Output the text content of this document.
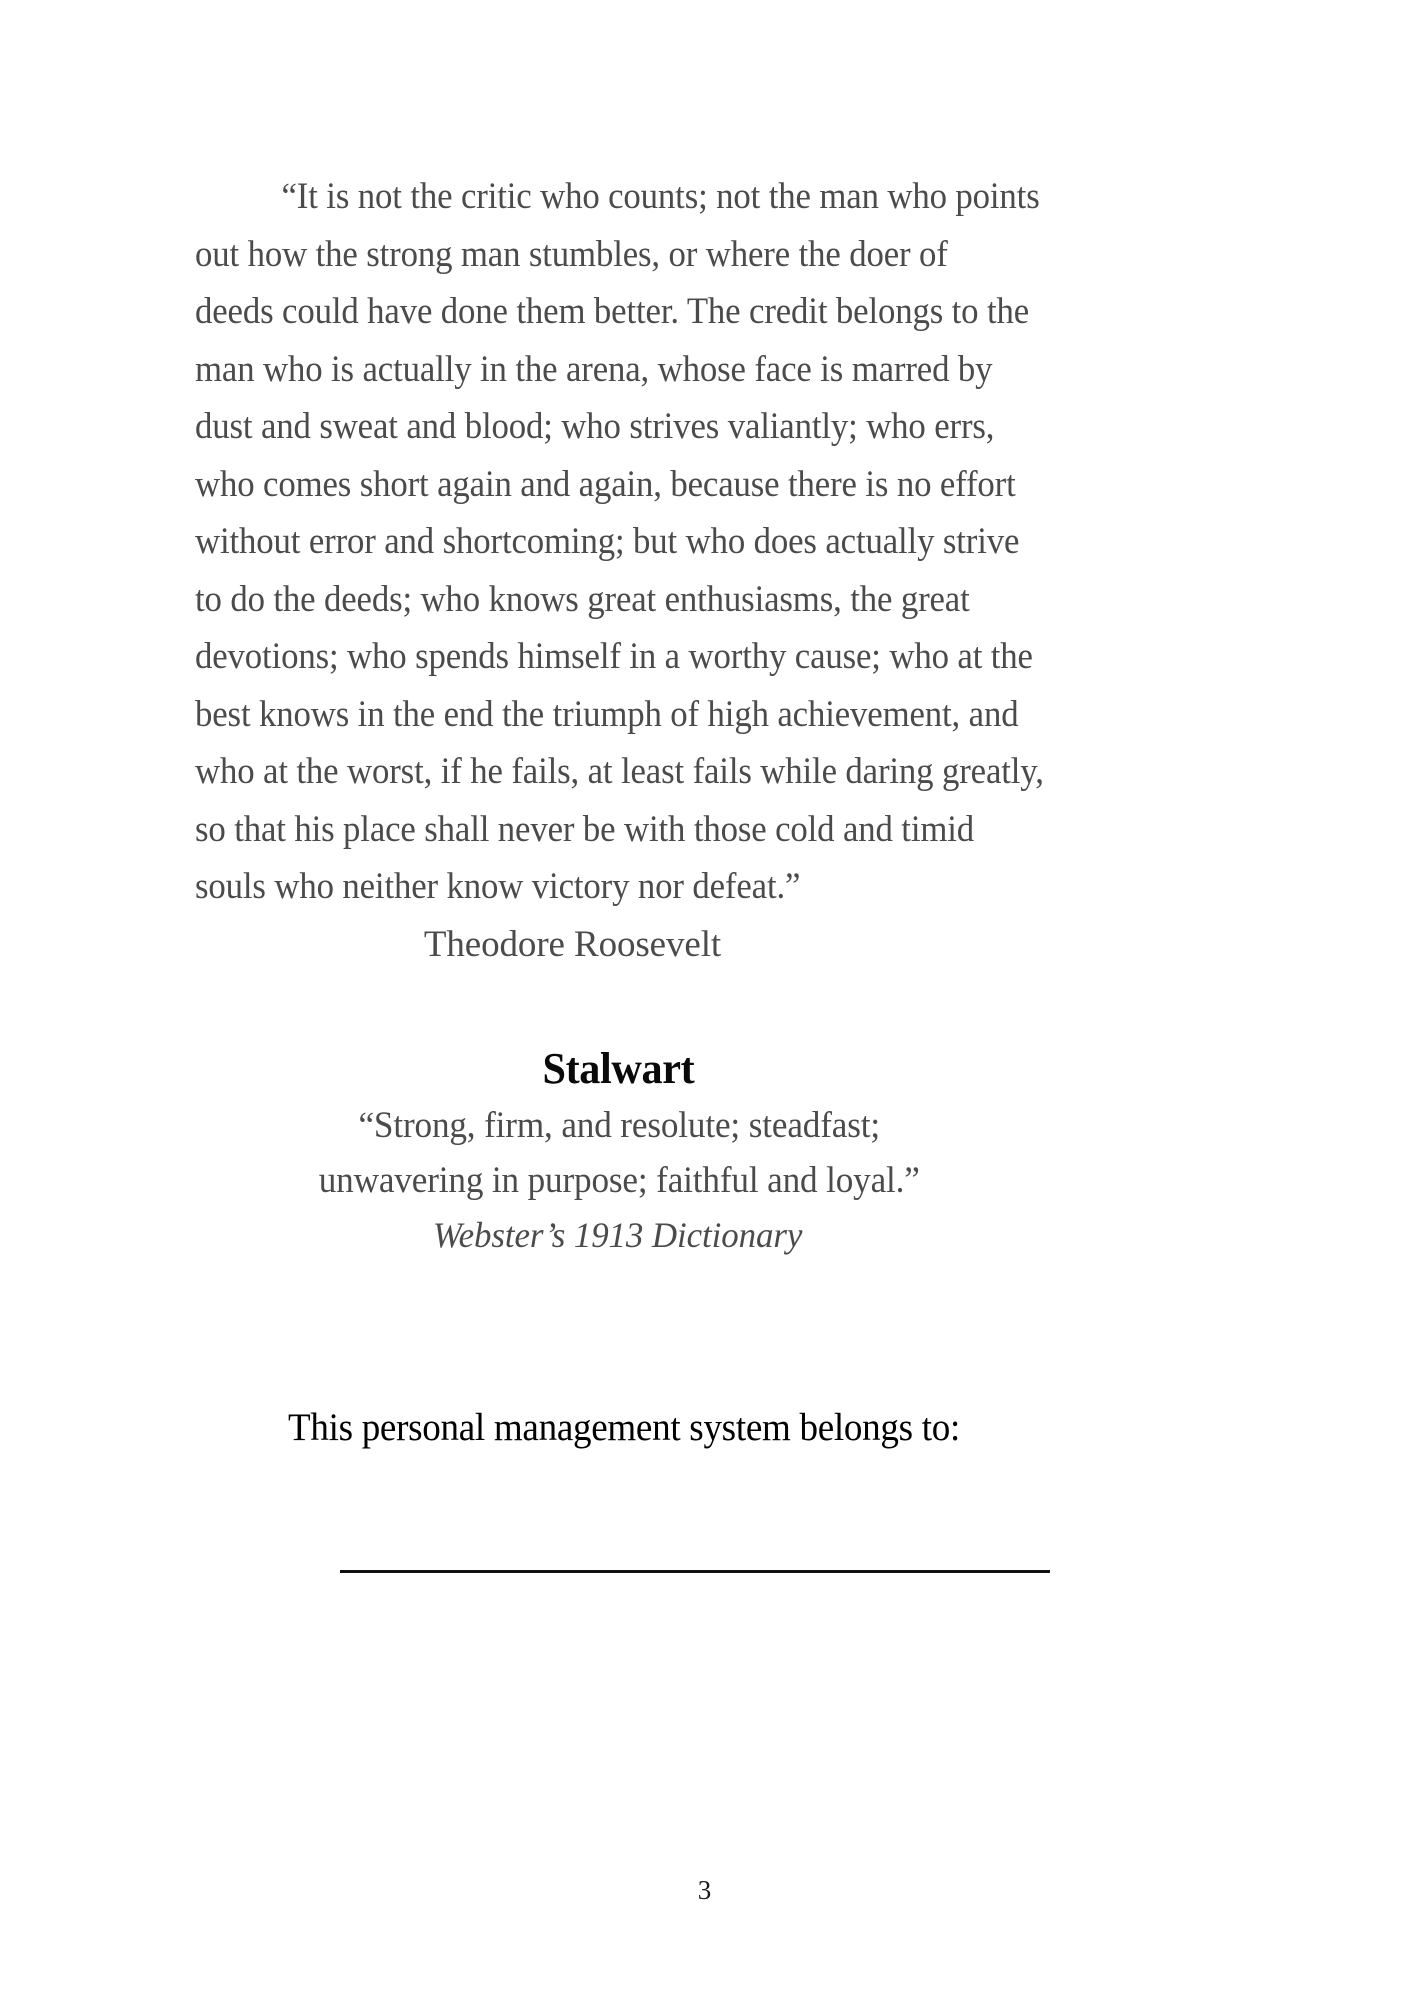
“It is not the critic who counts; not the man who points
out how the strong man stumbles, or where the doer of
deeds could have done them better. The credit belongs to the
man who is actually in the arena, whose face is marred by
dust and sweat and blood; who strives valiantly; who errs,
who comes short again and again, because there is no effort
without error and shortcoming; but who does actually strive
to do the deeds; who knows great enthusiasms, the great
devotions; who spends himself in a worthy cause; who at the
best knows in the end the triumph of high achievement, and
who at the worst, if he fails, at least fails while daring greatly,
so that his place shall never be with those cold and timid
souls who neither know victory nor defeat.”
Theodore Roosevelt
Stalwart
“Strong, firm, and resolute; steadfast;
unwavering in purpose; faithful and loyal.”
Webster’s 1913 Dictionary
This personal management system belongs to:
3
